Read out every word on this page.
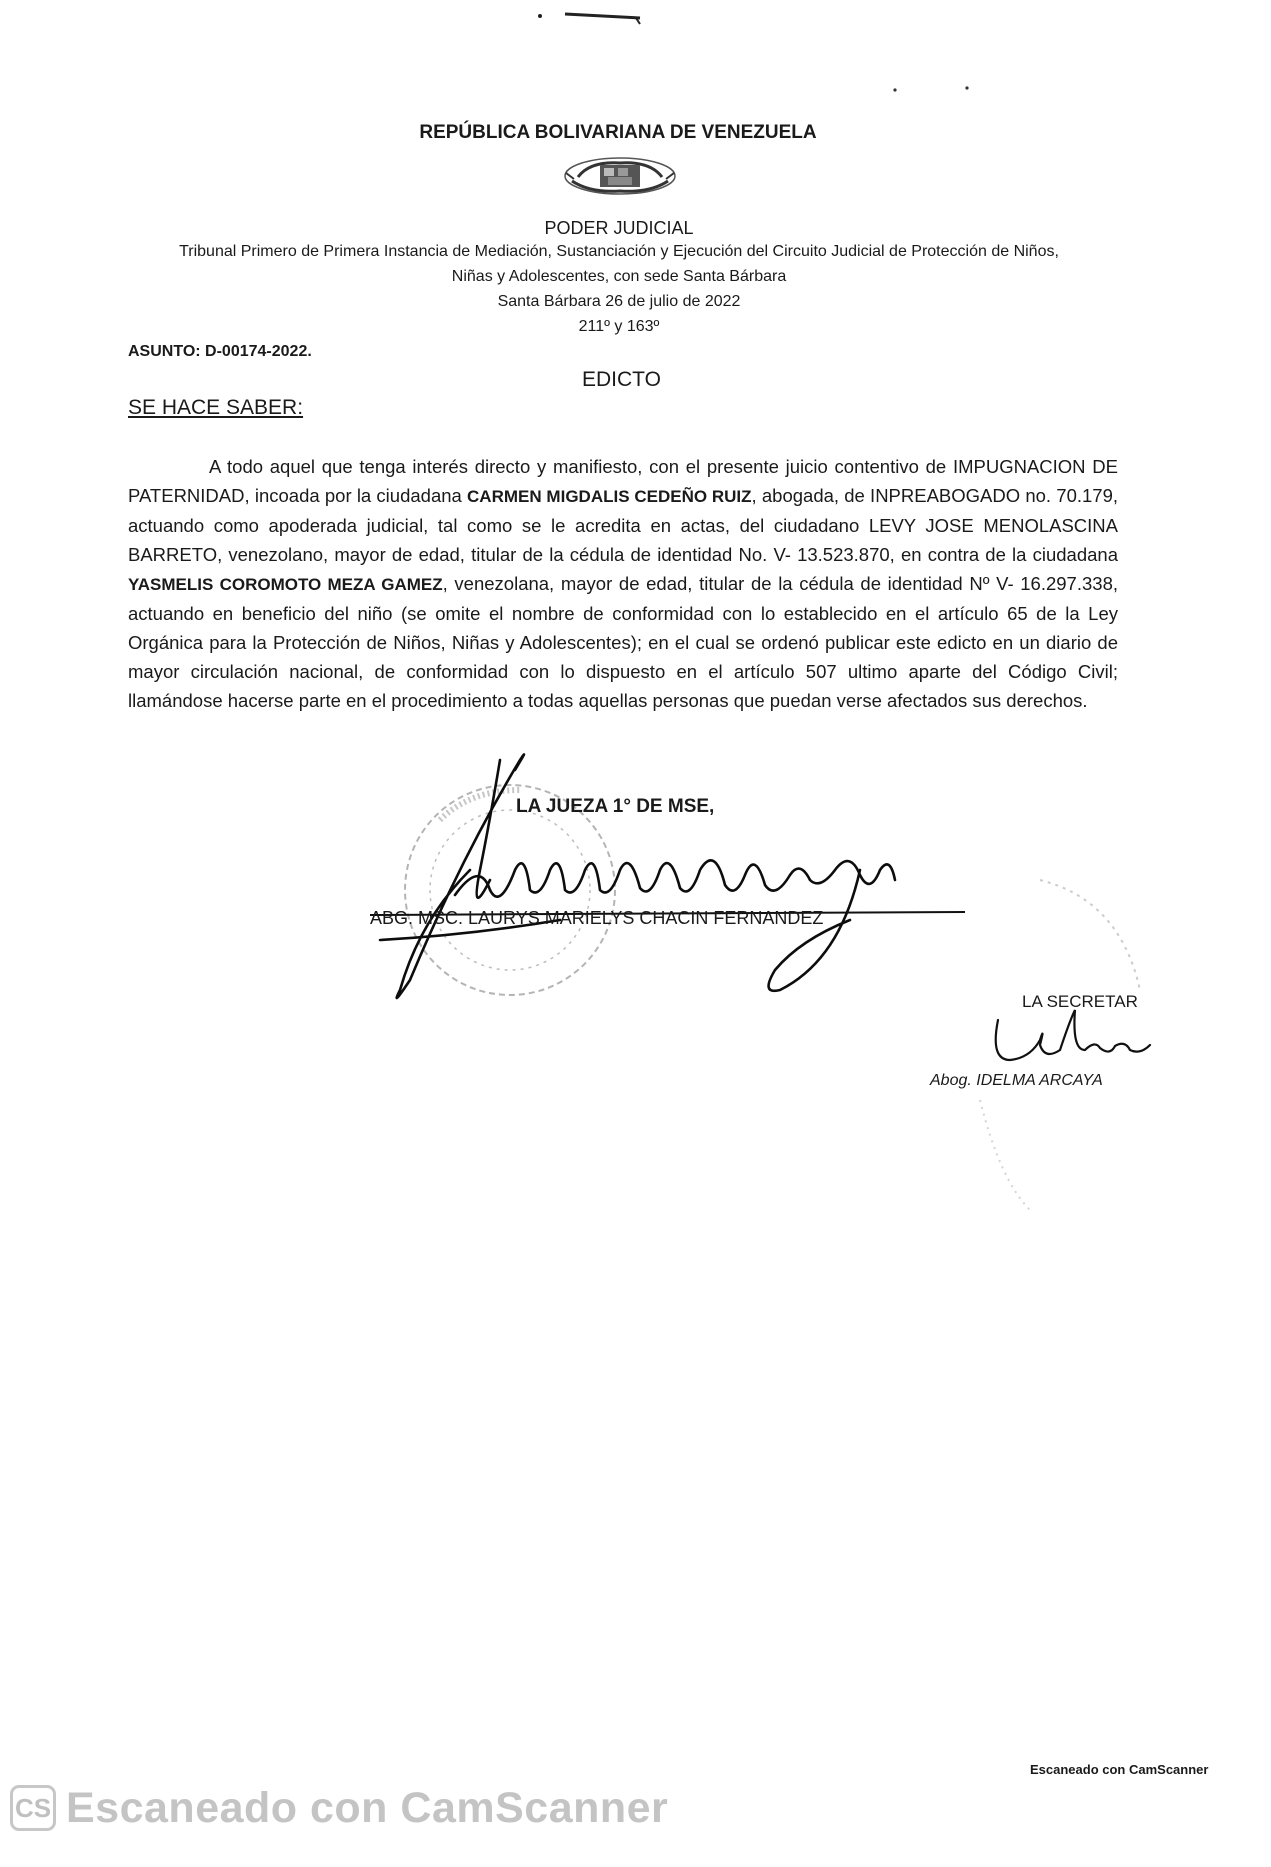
REPÚBLICA BOLIVARIANA DE VENEZUELA
PODER JUDICIAL
Tribunal Primero de Primera Instancia de Mediación, Sustanciación y Ejecución del Circuito Judicial de Protección de Niños,
Niñas y Adolescentes, con sede Santa Bárbara
Santa Bárbara 26 de julio de 2022
211º y 163º
ASUNTO: D-00174-2022.
EDICTO
SE HACE SABER:
A todo aquel que tenga interés directo y manifiesto, con el presente juicio contentivo de IMPUGNACION DE PATERNIDAD, incoada por la ciudadana CARMEN MIGDALIS CEDEÑO RUIZ, abogada, de INPREABOGADO no. 70.179, actuando como apoderada judicial, tal como se le acredita en actas, del ciudadano LEVY JOSE MENOLASCINA BARRETO, venezolano, mayor de edad, titular de la cédula de identidad No. V- 13.523.870, en contra de la ciudadana YASMELIS COROMOTO MEZA GAMEZ, venezolana, mayor de edad, titular de la cédula de identidad Nº V- 16.297.338, actuando en beneficio del niño (se omite el nombre de conformidad con lo establecido en el artículo 65 de la Ley Orgánica para la Protección de Niños, Niñas y Adolescentes); en el cual se ordenó publicar este edicto en un diario de mayor circulación nacional, de conformidad con lo dispuesto en el artículo 507 ultimo aparte del Código Civil; llamándose hacerse parte en el procedimiento a todas aquellas personas que puedan verse afectados sus derechos.
LA JUEZA 1° DE MSE,
ABG. MSC. LAURYS MARIELYS CHACIN FERNANDEZ
LA SECRETAR
Abog. IDELMA ARCAYA
Escaneado con CamScanner
CS Escaneado con CamScanner
